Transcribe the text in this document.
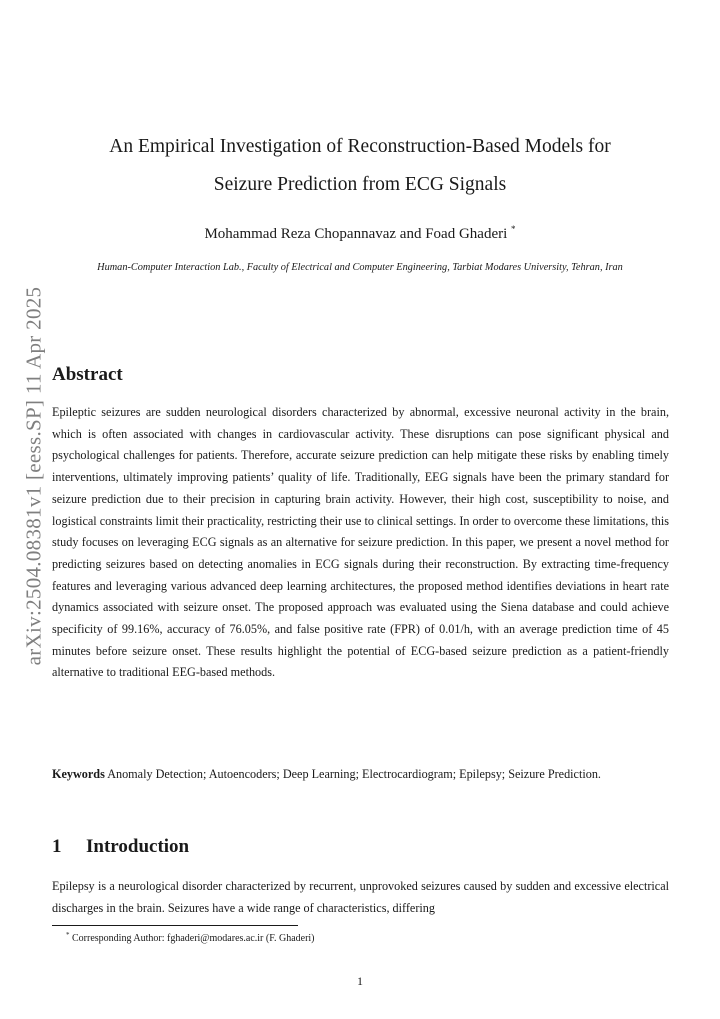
arXiv:2504.08381v1 [eess.SP] 11 Apr 2025
An Empirical Investigation of Reconstruction-Based Models for
Seizure Prediction from ECG Signals
Mohammad Reza Chopannavaz and Foad Ghaderi *
Human-Computer Interaction Lab., Faculty of Electrical and Computer Engineering, Tarbiat Modares University, Tehran, Iran
Abstract
Epileptic seizures are sudden neurological disorders characterized by abnormal, excessive neuronal activity in the brain, which is often associated with changes in cardiovascular activity. These disruptions can pose significant physical and psychological challenges for patients. Therefore, accurate seizure prediction can help mitigate these risks by enabling timely interventions, ultimately improving patients’ quality of life. Traditionally, EEG signals have been the primary standard for seizure prediction due to their precision in capturing brain activity. However, their high cost, susceptibility to noise, and logistical constraints limit their practicality, restricting their use to clinical settings. In order to overcome these limitations, this study focuses on leveraging ECG signals as an alternative for seizure prediction. In this paper, we present a novel method for predicting seizures based on detecting anomalies in ECG signals during their reconstruction. By extracting time-frequency features and leveraging various advanced deep learning architectures, the proposed method identifies deviations in heart rate dynamics associated with seizure onset. The proposed approach was evaluated using the Siena database and could achieve specificity of 99.16%, accuracy of 76.05%, and false positive rate (FPR) of 0.01/h, with an average prediction time of 45 minutes before seizure onset. These results highlight the potential of ECG-based seizure prediction as a patient-friendly alternative to traditional EEG-based methods.
Keywords Anomaly Detection; Autoencoders; Deep Learning; Electrocardiogram; Epilepsy; Seizure Prediction.
1 Introduction
Epilepsy is a neurological disorder characterized by recurrent, unprovoked seizures caused by sudden and excessive electrical discharges in the brain. Seizures have a wide range of characteristics, differing
* Corresponding Author: fghaderi@modares.ac.ir (F. Ghaderi)
1
